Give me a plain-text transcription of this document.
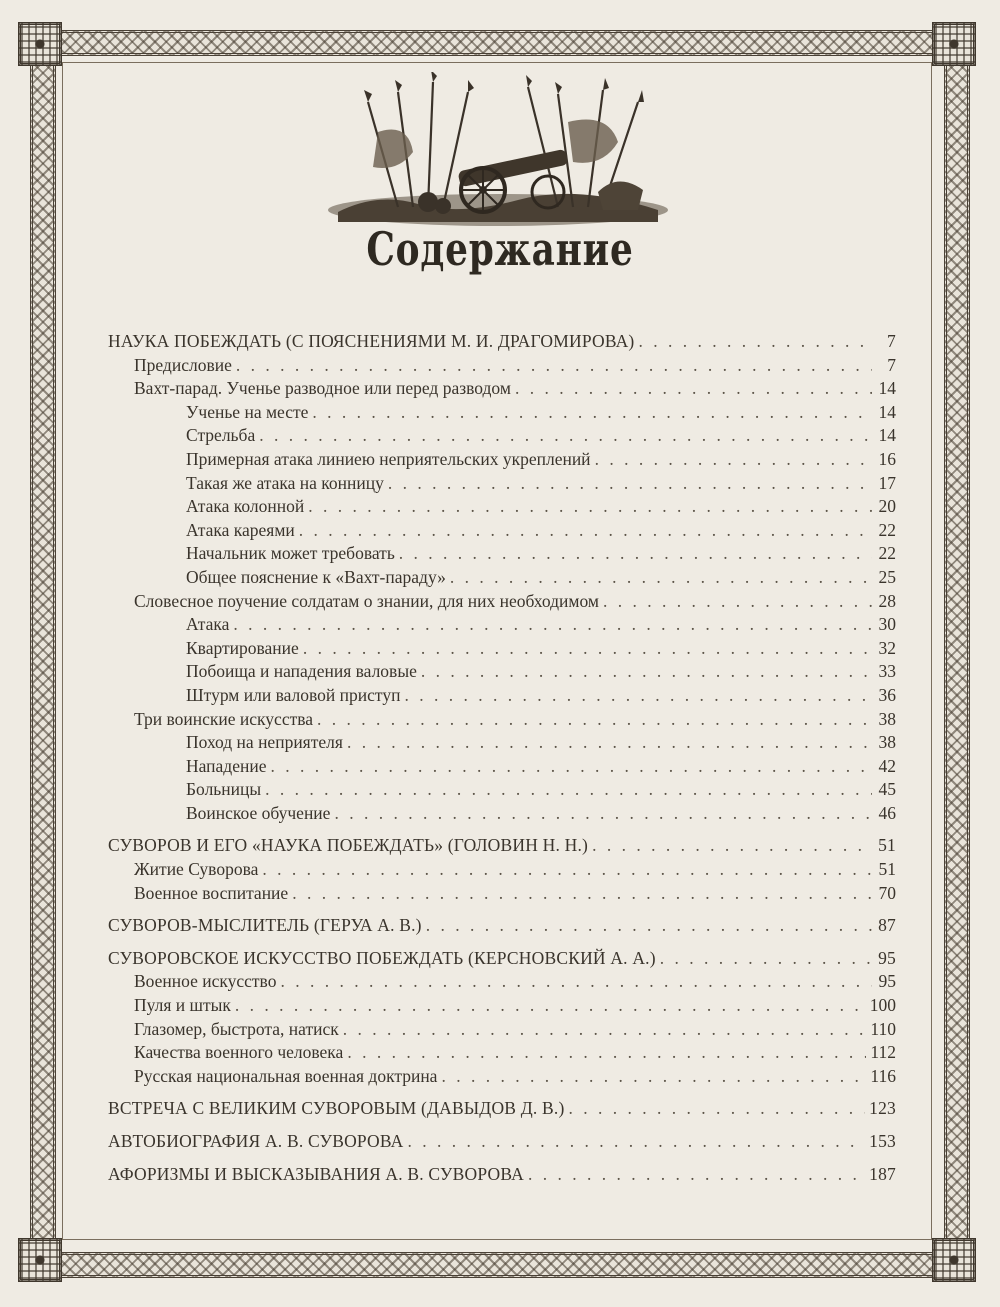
Содержание
НАУКА ПОБЕЖДАТЬ (С ПОЯСНЕНИЯМИ М. И. ДРАГОМИРОВА) . . .	7
Предисловие . . .	7
Вахт-парад. Ученье разводное или перед разводом . . .	14
Ученье на месте . . .	14
Стрельба . . .	14
Примерная атака линиею неприятельских укреплений . . .	16
Такая же атака на конницу . . .	17
Атака колонной . . .	20
Атака кареями . . .	22
Начальник может требовать . . .	22
Общее пояснение к «Вахт-параду» . . .	25
Словесное поучение солдатам о знании, для них необходимом . . .	28
Атака . . .	30
Квартирование . . .	32
Побоища и нападения валовые . . .	33
Штурм или валовой приступ . . .	36
Три воинские искусства . . .	38
Поход на неприятеля . . .	38
Нападение . . .	42
Больницы . . .	45
Воинское обучение . . .	46
СУВОРОВ И ЕГО «НАУКА ПОБЕЖДАТЬ» (ГОЛОВИН Н. Н.) . . .	51
Житие Суворова . . .	51
Военное воспитание . . .	70
СУВОРОВ-МЫСЛИТЕЛЬ (ГЕРУА А. В.) . . .	87
СУВОРОВСКОЕ ИСКУССТВО ПОБЕЖДАТЬ (КЕРСНОВСКИЙ А. А.) . . .	95
Военное искусство . . .	95
Пуля и штык . . .	100
Глазомер, быстрота, натиск . . .	110
Качества военного человека . . .	112
Русская национальная военная доктрина . . .	116
ВСТРЕЧА С ВЕЛИКИМ СУВОРОВЫМ (ДАВЫДОВ Д. В.) . . .	123
АВТОБИОГРАФИЯ А. В. СУВОРОВА . . .	153
АФОРИЗМЫ И ВЫСКАЗЫВАНИЯ А. В. СУВОРОВА . . .	187
